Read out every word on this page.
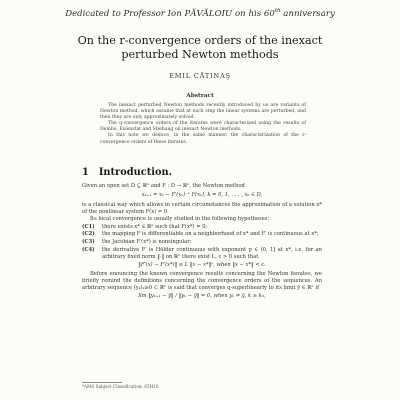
Dedicated to Professor Ion PĂVĂLOIU on his 60th anniversary
On the r-convergence orders of the inexact
perturbed Newton methods
EMIL CĂTINAŞ
Abstract

The inexact perturbed Newton methods recently introduced by us are variants of Newton method, which assume that at each step the linear systems are perturbed, and then they are only approximately solved.

The q-convergence orders of the iterates were characterized using the results of Dembo, Eisenstat and Steihaug on inexact Newton methods.

In this note we deduce, in the same manner, the characterization of the r-convergence orders of these iterates.

1 Introduction.

Given an open set D ⊆ ℝⁿ and F : D → ℝⁿ, the Newton method

xₖ₊₁ = xₖ − F′(xₖ)⁻¹ F(xₖ), k = 0, 1, . . . , x₀ ∈ D,

is a classical way which allows in certain circumstances the approximation of a solution x* of the nonlinear system F(x) = 0.

Its local convergence is usually studied in the following hypotheses:

(C1)	there exists x* ∈ ℝⁿ such that F(x*) = 0;
(C2)	the mapping F is differentiable on a neighborhood of x* and F′ is continuous at x*;
(C3)	the Jacobian F′(x*) is nonsingular;
(C4)	the derivative F′ is Hölder continuous with exponent p ∈ (0, 1] at x*, i.e. for an arbitrary fixed norm ‖·‖ on ℝⁿ there exist L, ε > 0 such that
‖F′(x) − F′(x*)‖ ≤ L ‖x − x*‖ᵖ, when ‖x − x*‖ < ε.

Before enouncing the known convergence results concerning the Newton iterates, we briefly remind the definitions concerning the convergence orders of the sequences. An arbitrary sequence (yₖ)ₖ≥0 ⊂ ℝⁿ is said that converges q-superlinearly to its limit ȳ ∈ ℝⁿ if

lim ‖yₖ₊₁ − ȳ‖ / ‖yₖ − ȳ‖ = 0, when yₖ ≠ ȳ, k ≥ k₀,
*AMS Subject Classification: 65H10
